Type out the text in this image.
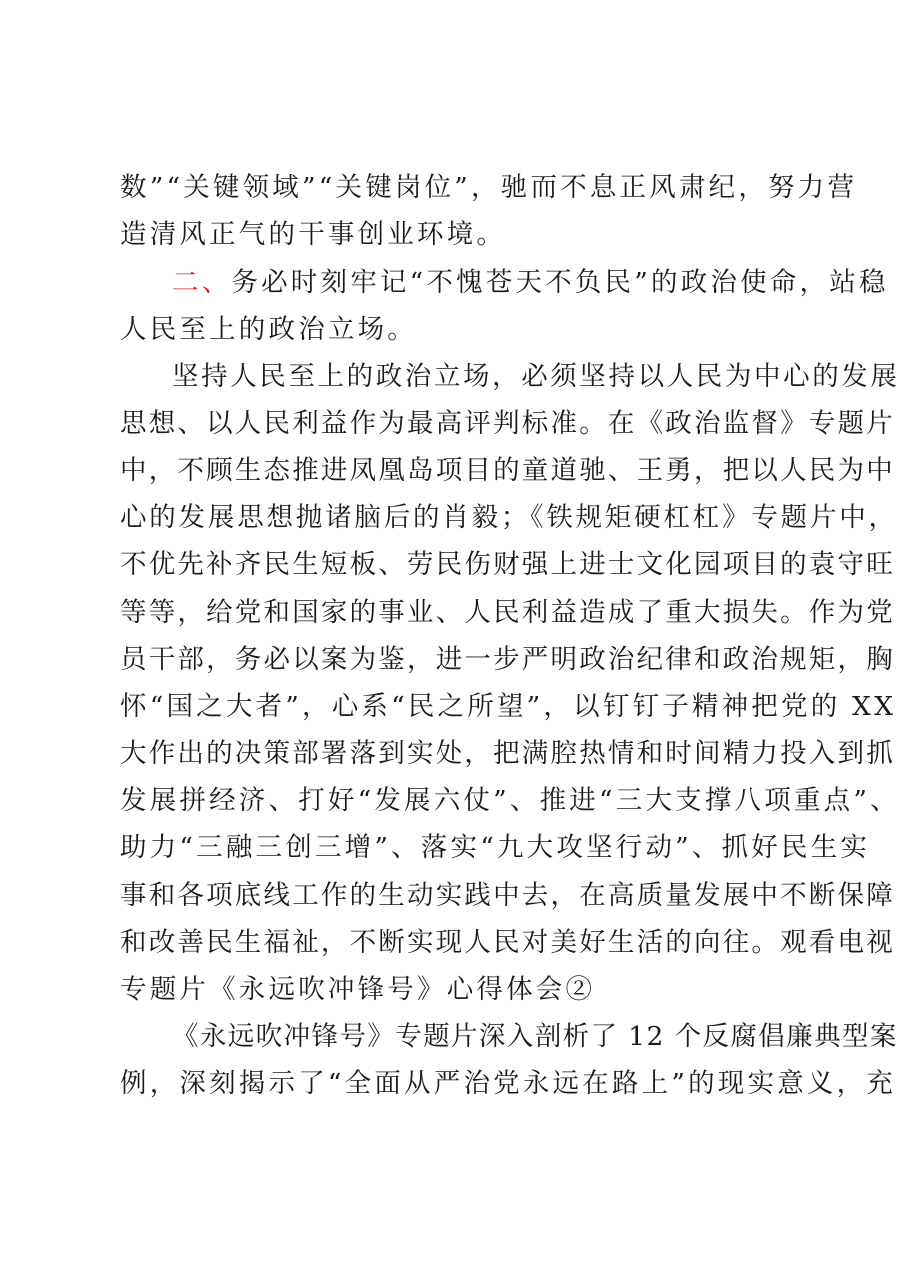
数”“关键领域”“关键岗位”，驰而不息正风肃纪，努力营
造清风正气的干事创业环境。
二、务必时刻牢记“不愧苍天不负民”的政治使命，站稳
人民至上的政治立场。
坚持人民至上的政治立场，必须坚持以人民为中心的发展
思想、以人民利益作为最高评判标准。在《政治监督》专题片
中，不顾生态推进凤凰岛项目的童道驰、王勇，把以人民为中
心的发展思想抛诸脑后的肖毅；《铁规矩硬杠杠》专题片中，
不优先补齐民生短板、劳民伤财强上进士文化园项目的袁守旺
等等，给党和国家的事业、人民利益造成了重大损失。作为党
员干部，务必以案为鉴，进一步严明政治纪律和政治规矩，胸
怀“国之大者”，心系“民之所望”，以钉钉子精神把党的 XX
大作出的决策部署落到实处，把满腔热情和时间精力投入到抓
发展拼经济、打好“发展六仗”、推进“三大支撑八项重点”、
助力“三融三创三增”、落实“九大攻坚行动”、抓好民生实
事和各项底线工作的生动实践中去，在高质量发展中不断保障
和改善民生福祉，不断实现人民对美好生活的向往。观看电视
专题片《永远吹冲锋号》心得体会②
《永远吹冲锋号》专题片深入剖析了 12 个反腐倡廉典型案
例，深刻揭示了“全面从严治党永远在路上”的现实意义，充
